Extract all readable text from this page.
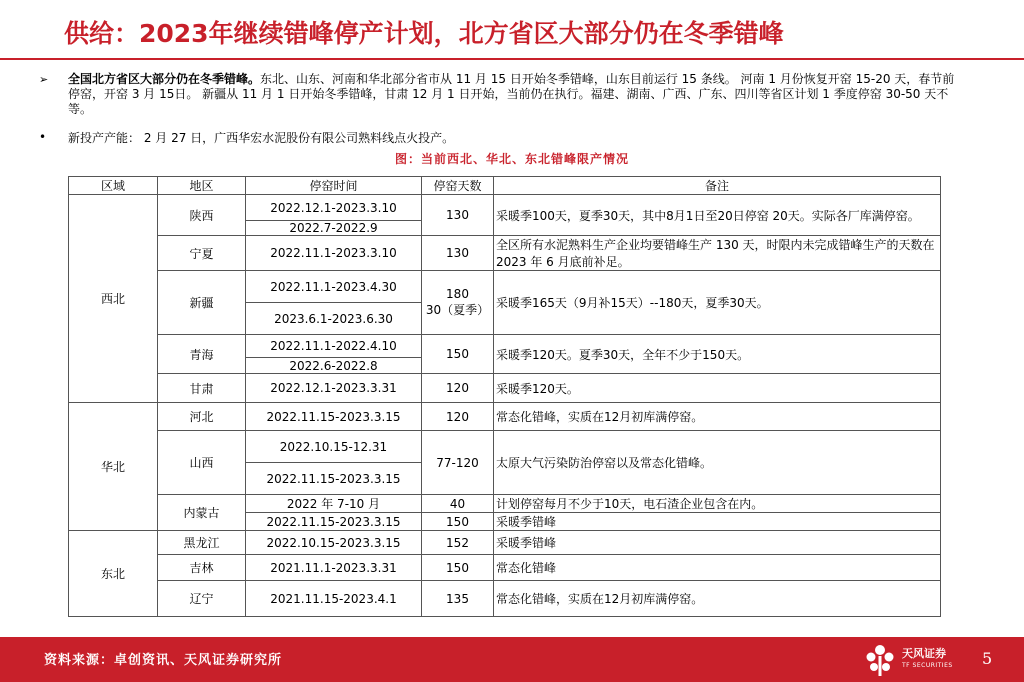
供给：2023年继续错峰停产计划，北方省区大部分仍在冬季错峰
➢ 全国北方省区大部分仍在冬季错峰。东北、山东、河南和华北部分省市从 11 月 15 日开始冬季错峰，山东目前运行 15 条线。 河南 1 月份恢复开窑 15-20 天，春节前停窑，开窑 3 月 15日。 新疆从 11 月 1 日开始冬季错峰，甘肃 12 月 1 日开始，当前仍在执行。福建、湖南、广西、广东、四川等省区计划 1 季度停窑 30-50 天不等。
• 新投产产能： 2 月 27 日，广西华宏水泥股份有限公司熟料线点火投产。
图：当前西北、华北、东北错峰限产情况
区域	地区	停窑时间	停窑天数	备注
西北	陕西	2022.12.1-2023.3.10	130	采暖季100天，夏季30天，其中8月1日至20日停窑 20天。实际各厂库满停窑。
		2022.7-2022.9		
	宁夏	2022.11.1-2023.3.10	130	全区所有水泥熟料生产企业均要错峰生产 130 天，时限内未完成错峰生产的天数在 2023 年 6 月底前补足。
	新疆	2022.11.1-2023.4.30	180
30（夏季）	采暖季165天（9月补15天）--180天，夏季30天。
		2023.6.1-2023.6.30		
	青海	2022.11.1-2022.4.10	150	采暖季120天。夏季30天，全年不少于150天。
		2022.6-2022.8		
	甘肃	2022.12.1-2023.3.31	120	采暖季120天。

华北	河北	2022.11.15-2023.3.15	120	常态化错峰，实质在12月初库满停窑。
	山西	2022.10.15-12.31	77-120	太原大气污染防治停窑以及常态化错峰。
		2022.11.15-2023.3.15		
	内蒙古	2022 年 7-10 月	40	计划停窑每月不少于10天，电石渣企业包含在内。
		2022.11.15-2023.3.15	150	采暖季错峰

东北	黑龙江	2022.10.15-2023.3.15	152	采暖季错峰
	吉林	2021.11.1-2023.3.31	150	常态化错峰
	辽宁	2021.11.15-2023.4.1	135	常态化错峰，实质在12月初库满停窑。
资料来源：卓创资讯、天风证券研究所	天风证券
TF SECURITIES 5
